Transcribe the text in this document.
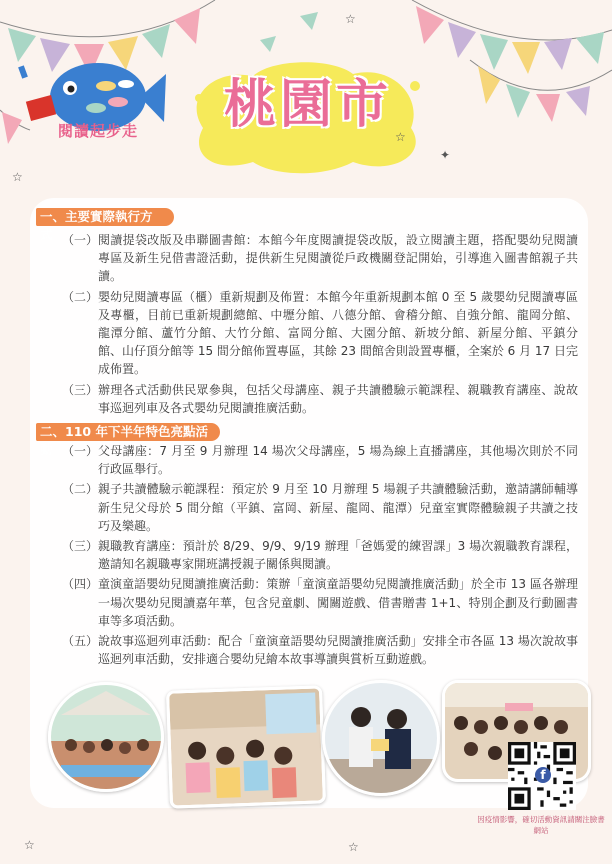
閱讀起步走	桃園市
☆
☆
✦
☆
☆	☆
一、主要實際執行方式 （一） 閱讀提袋改版及串聯圖書館：本館今年度閱讀提袋改版，設立閱讀主題，搭配嬰幼兒閱讀專區及新生兒借書證活動，提供新生兒閱讀從戶政機關登記開始，引導進入圖書館親子共讀。
（二） 嬰幼兒閱讀專區（櫃）重新規劃及佈置：本館今年重新規劃本館 0 至 5 歲嬰幼兒閱讀專區及專櫃，目前已重新規劃總館、中壢分館、八德分館、會稽分館、自強分館、龍岡分館、龍潭分館、蘆竹分館、大竹分館、富岡分館、大園分館、新坡分館、新屋分館、平鎮分館、山仔頂分館等 15 間分館佈置專區，其餘 23 間館舍則設置專櫃，全案於 6 月 17 日完成佈置。
（三） 辦理各式活動供民眾參與，包括父母講座、親子共讀體驗示範課程、親職教育講座、說故事巡迴列車及各式嬰幼兒閱讀推廣活動。
二、110 年下半年特色亮點活動 （一） 父母講座：7 月至 9 月辦理 14 場次父母講座，5 場為線上直播講座，其他場次則於不同行政區舉行。
（二） 親子共讀體驗示範課程：預定於 9 月至 10 月辦理 5 場親子共讀體驗活動，邀請講師輔導新生兒父母於 5 間分館（平鎮、富岡、新屋、龍岡、龍潭）兒童室實際體驗親子共讀之技巧及樂趣。
（三） 親職教育講座：預計於 8/29、9/9、9/19 辦理「爸媽愛的練習課」3 場次親職教育課程，邀請知名親職專家開班講授親子關係與閱讀。
（四） 童演童語嬰幼兒閱讀推廣活動：策辦「童演童語嬰幼兒閱讀推廣活動」於全市 13 區各辦理一場次嬰幼兒閱讀嘉年華，包含兒童劇、闖關遊戲、借書贈書 1+1、特別企劃及行動圖書車等多項活動。
（五） 說故事巡迴列車活動：配合「童演童語嬰幼兒閱讀推廣活動」安排全市各區 13 場次說故事巡迴列車活動，安排適合嬰幼兒繪本故事導讀與賞析互動遊戲。
f
因疫情影響，確切活動資訊請關注臉書網站
